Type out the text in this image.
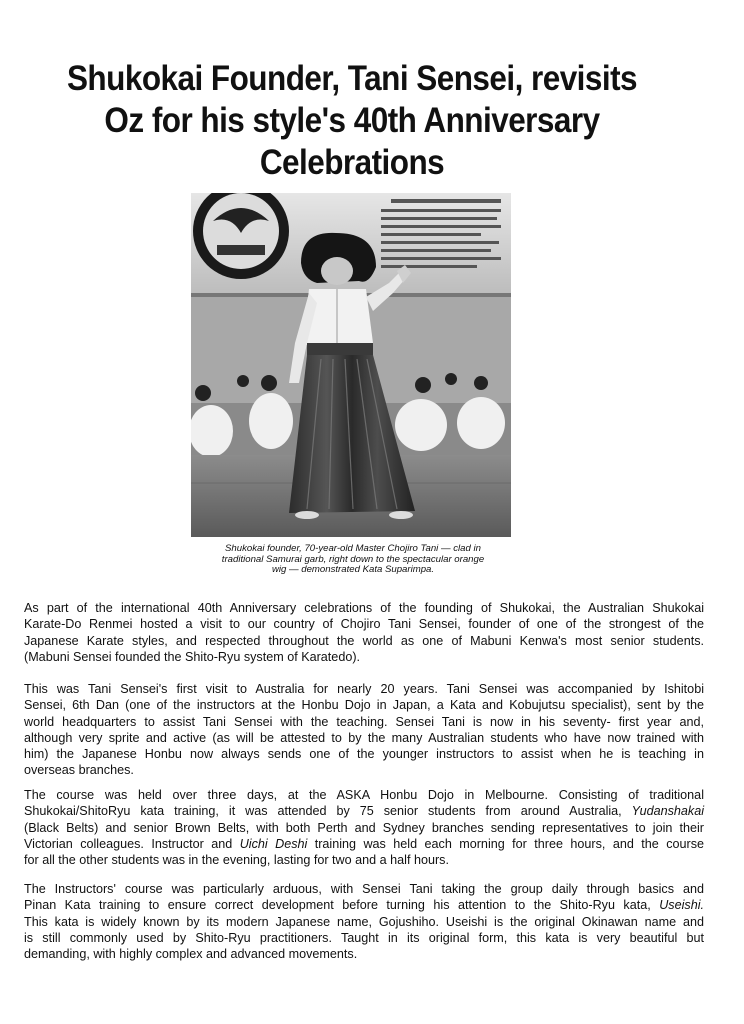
Shukokai Founder, Tani Sensei, revisits
Oz for his style's 40th Anniversary
Celebrations
Shukokai founder, 70-year-old Master Chojiro Tani — clad in
traditional Samurai garb, right down to the spectacular orange
wig — demonstrated Kata Suparimpa.
As part of the international 40th Anniversary celebrations of the founding of Shukokai, the Australian Shukokai
Karate-Do Renmei hosted a visit to our country of Chojiro Tani Sensei, founder of one of the strongest of the
Japanese Karate styles, and respected throughout the world as one of Mabuni Kenwa's most senior students.
(Mabuni Sensei founded the Shito-Ryu system of Karatedo).
This was Tani Sensei's first visit to Australia for nearly 20 years. Tani Sensei was accompanied by Ishitobi
Sensei, 6th Dan (one of the instructors at the Honbu Dojo in Japan, a Kata and Kobujutsu specialist), sent by the
world headquarters to assist Tani Sensei with the teaching. Sensei Tani is now in his seventy- first year and,
although very sprite and active (as will be attested to by the many Australian students who have now trained with
him) the Japanese Honbu now always sends one of the younger instructors to assist when he is teaching in
overseas branches.
The course was held over three days, at the ASKA Honbu Dojo in Melbourne. Consisting of traditional
Shukokai/ShitoRyu kata training, it was attended by 75 senior students from around Australia, Yudanshakai
(Black Belts) and senior Brown Belts, with both Perth and Sydney branches sending representatives to join their
Victorian colleagues. Instructor and Uichi Deshi training was held each morning for three hours, and the course
for all the other students was in the evening, lasting for two and a half hours.
The Instructors' course was particularly arduous, with Sensei Tani taking the group daily through basics and
Pinan Kata training to ensure correct development before turning his attention to the Shito-Ryu kata, Useishi.
This kata is widely known by its modern Japanese name, Gojushiho. Useishi is the original Okinawan name and
is still commonly used by Shito-Ryu practitioners. Taught in its original form, this kata is very beautiful but
demanding, with highly complex and advanced movements.
